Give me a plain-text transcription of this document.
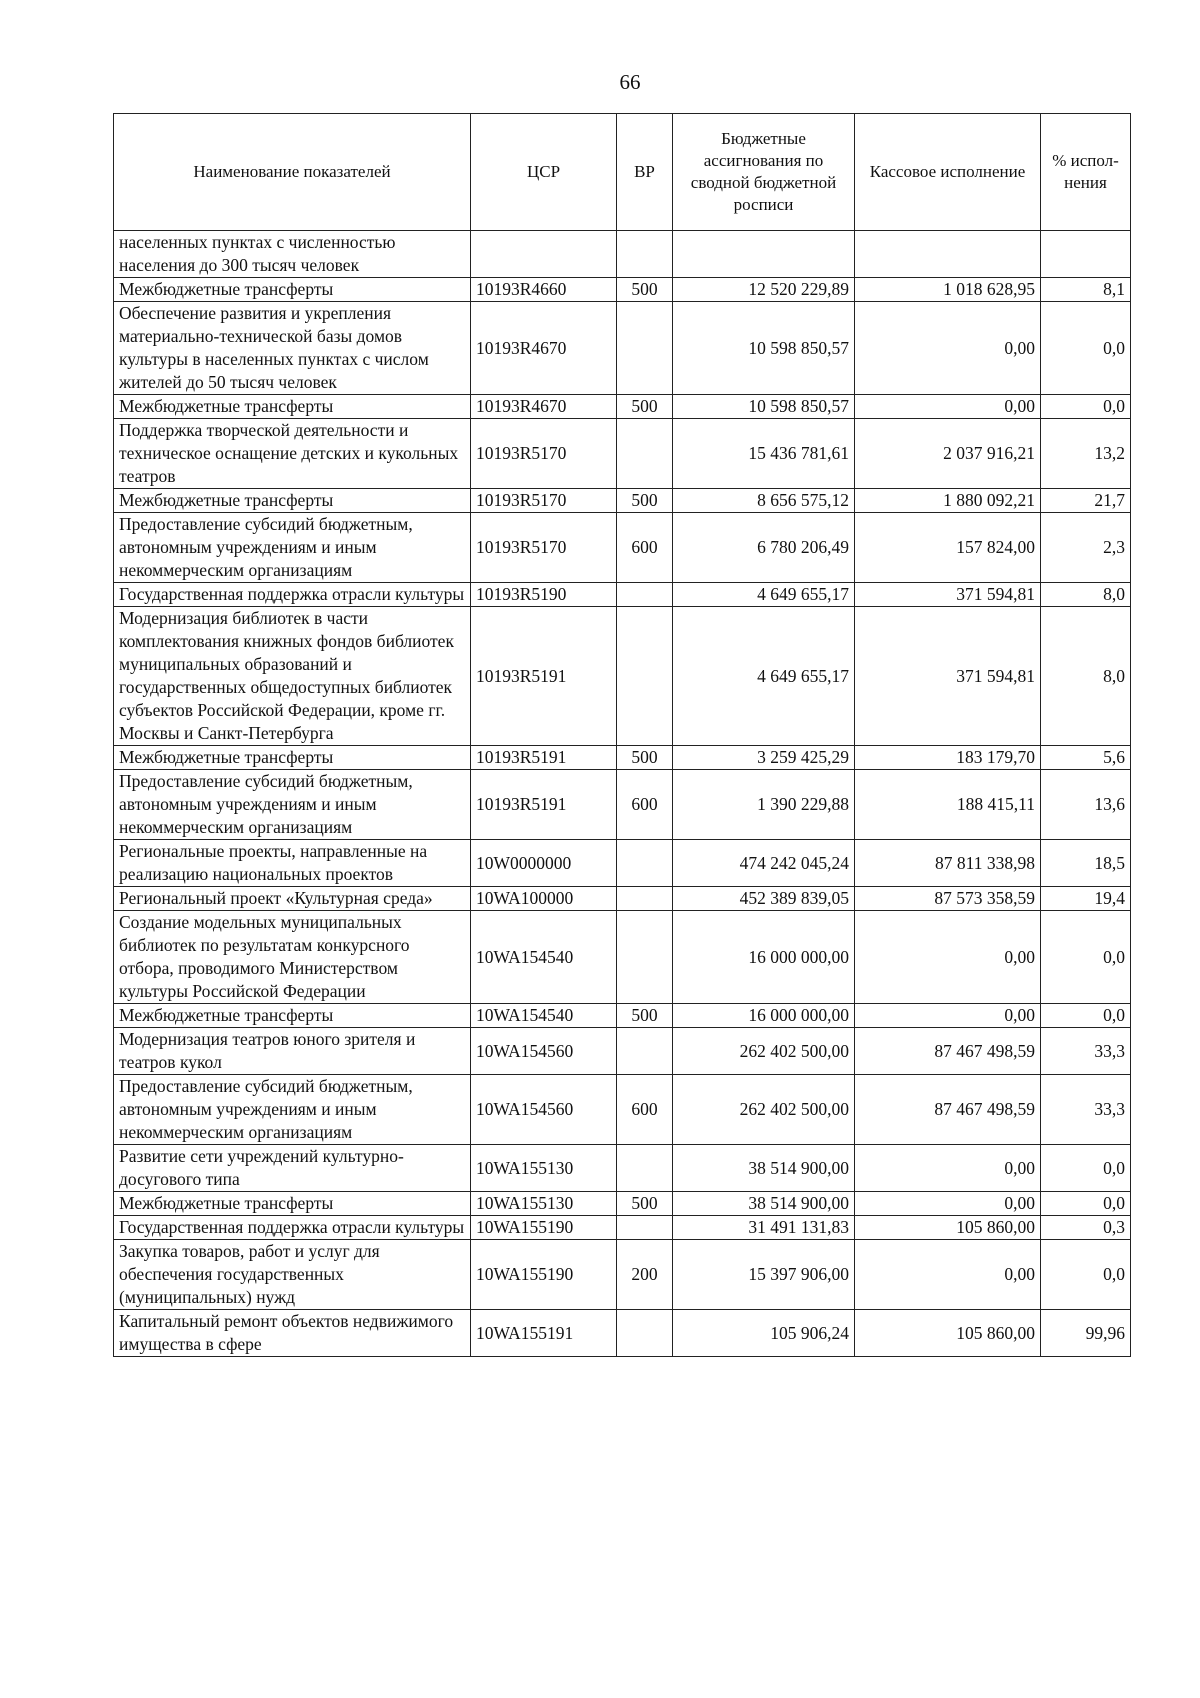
66
Наименование показателей	ЦСР	ВР	Бюджетные ассигнования по сводной бюджетной росписи	Кассовое исполнение	% испол-нения
населенных пунктах с численностью населения до 300 тысяч человек					
Межбюджетные трансферты	10193R4660	500	12 520 229,89	1 018 628,95	8,1
Обеспечение развития и укрепления материально-технической базы домов культуры в населенных пунктах с числом жителей до 50 тысяч человек	10193R4670		10 598 850,57	0,00	0,0
Межбюджетные трансферты	10193R4670	500	10 598 850,57	0,00	0,0
Поддержка творческой деятельности и техническое оснащение детских и кукольных театров	10193R5170		15 436 781,61	2 037 916,21	13,2
Межбюджетные трансферты	10193R5170	500	8 656 575,12	1 880 092,21	21,7
Предоставление субсидий бюджетным, автономным учреждениям и иным некоммерческим организациям	10193R5170	600	6 780 206,49	157 824,00	2,3
Государственная поддержка отрасли культуры	10193R5190		4 649 655,17	371 594,81	8,0
Модернизация библиотек в части комплектования книжных фондов библиотек муниципальных образований и государственных общедоступных библиотек субъектов Российской Федерации, кроме гг. Москвы и Санкт-Петербурга	10193R5191		4 649 655,17	371 594,81	8,0
Межбюджетные трансферты	10193R5191	500	3 259 425,29	183 179,70	5,6
Предоставление субсидий бюджетным, автономным учреждениям и иным некоммерческим организациям	10193R5191	600	1 390 229,88	188 415,11	13,6
Региональные проекты, направленные на реализацию национальных проектов	10W0000000		474 242 045,24	87 811 338,98	18,5
Региональный проект «Культурная среда»	10WA100000		452 389 839,05	87 573 358,59	19,4
Создание модельных муниципальных библиотек по результатам конкурсного отбора, проводимого Министерством культуры Российской Федерации	10WA154540		16 000 000,00	0,00	0,0
Межбюджетные трансферты	10WA154540	500	16 000 000,00	0,00	0,0
Модернизация театров юного зрителя и театров кукол	10WA154560		262 402 500,00	87 467 498,59	33,3
Предоставление субсидий бюджетным, автономным учреждениям и иным некоммерческим организациям	10WA154560	600	262 402 500,00	87 467 498,59	33,3
Развитие сети учреждений культурно-досугового типа	10WA155130		38 514 900,00	0,00	0,0
Межбюджетные трансферты	10WA155130	500	38 514 900,00	0,00	0,0
Государственная поддержка отрасли культуры	10WA155190		31 491 131,83	105 860,00	0,3
Закупка товаров, работ и услуг для обеспечения государственных (муниципальных) нужд	10WA155190	200	15 397 906,00	0,00	0,0
Капитальный ремонт объектов недвижимого имущества в сфере	10WA155191		105 906,24	105 860,00	99,96
